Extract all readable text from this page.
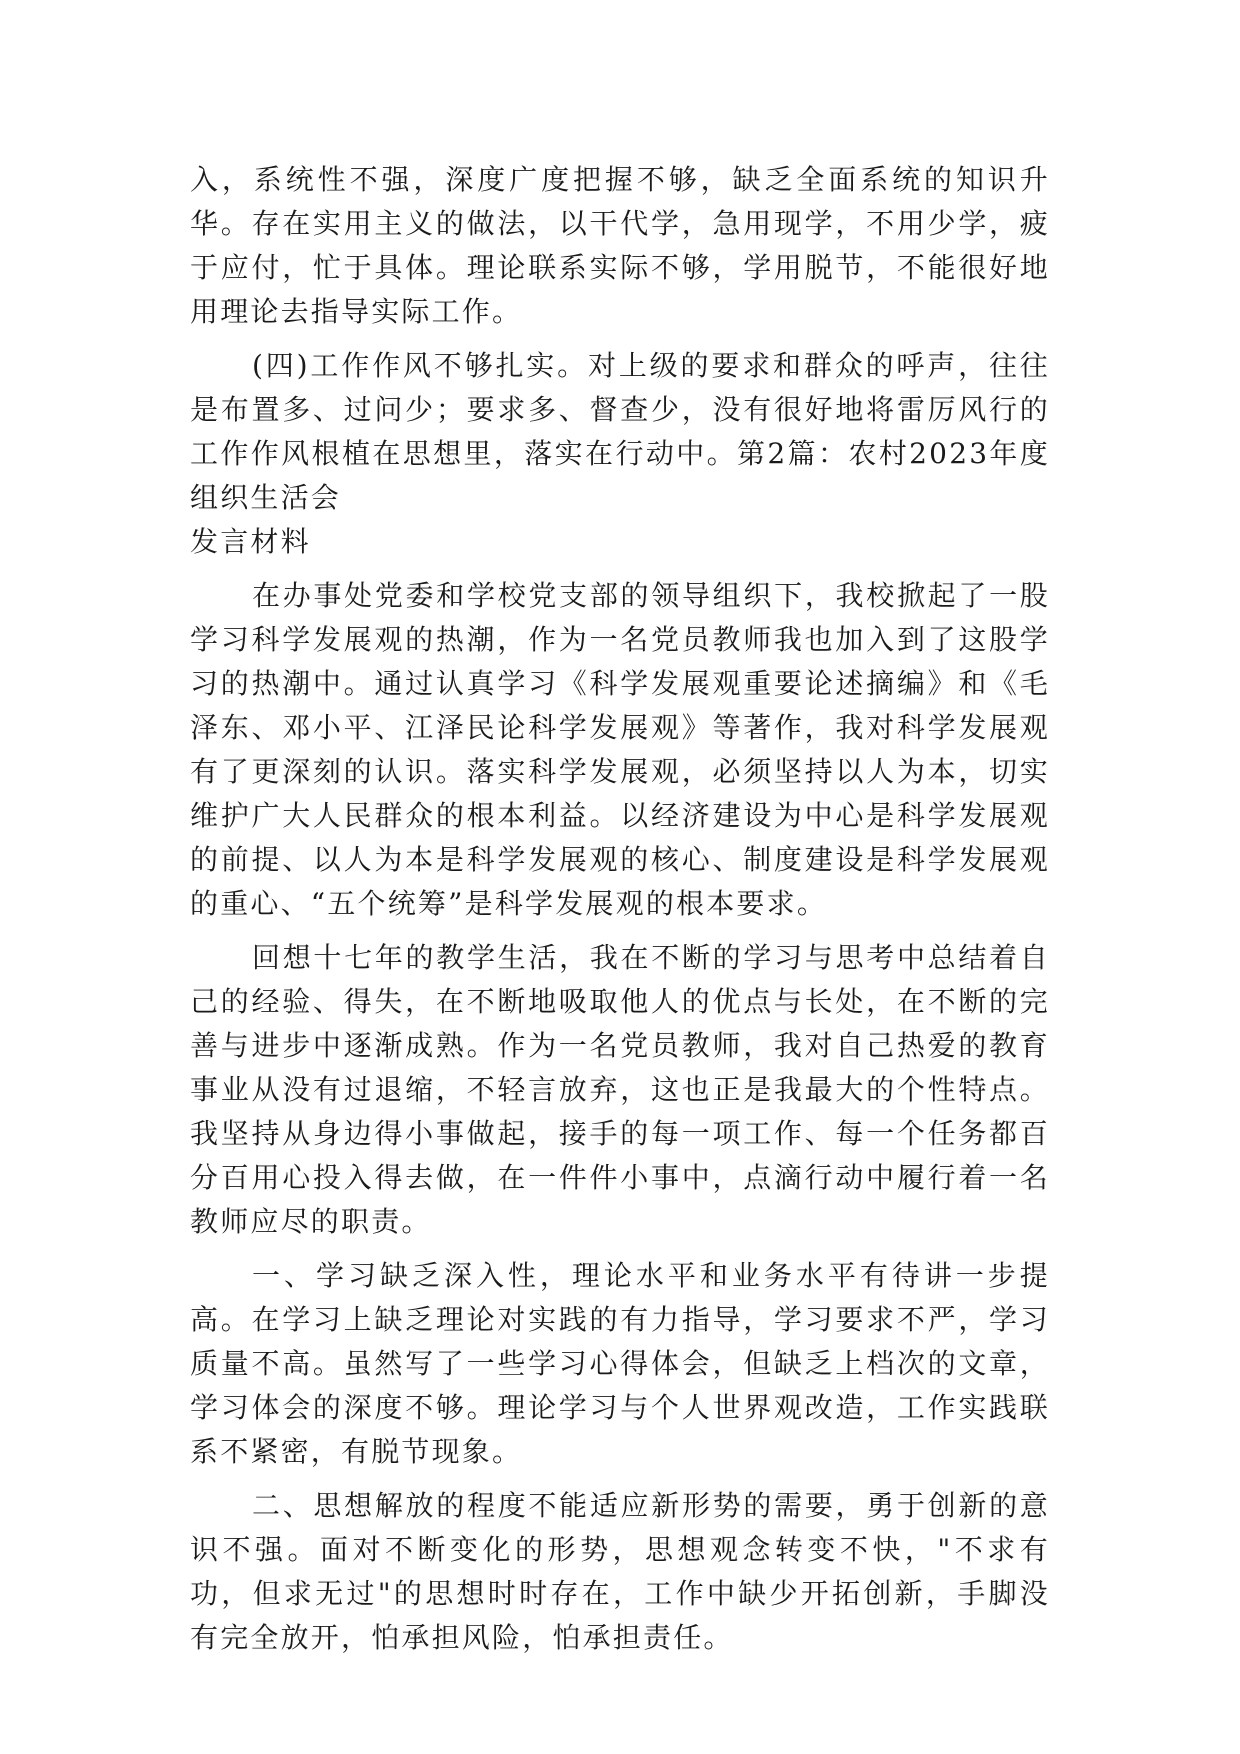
入，系统性不强，深度广度把握不够，缺乏全面系统的知识升华。存在实用主义的做法，以干代学，急用现学，不用少学，疲于应付，忙于具体。理论联系实际不够，学用脱节，不能很好地用理论去指导实际工作。

(四)工作作风不够扎实。对上级的要求和群众的呼声，往往是布置多、过问少；要求多、督查少，没有很好地将雷厉风行的工作作风根植在思想里，落实在行动中。第2篇：农村2023年度组织生活会

发言材料

在办事处党委和学校党支部的领导组织下，我校掀起了一股学习科学发展观的热潮，作为一名党员教师我也加入到了这股学习的热潮中。通过认真学习《科学发展观重要论述摘编》和《毛泽东、邓小平、江泽民论科学发展观》等著作，我对科学发展观有了更深刻的认识。落实科学发展观，必须坚持以人为本，切实维护广大人民群众的根本利益。以经济建设为中心是科学发展观的前提、以人为本是科学发展观的核心、制度建设是科学发展观的重心、“五个统筹”是科学发展观的根本要求。

回想十七年的教学生活，我在不断的学习与思考中总结着自己的经验、得失，在不断地吸取他人的优点与长处，在不断的完善与进步中逐渐成熟。作为一名党员教师，我对自己热爱的教育事业从没有过退缩，不轻言放弃，这也正是我最大的个性特点。我坚持从身边得小事做起，接手的每一项工作、每一个任务都百分百用心投入得去做，在一件件小事中，点滴行动中履行着一名教师应尽的职责。

一、学习缺乏深入性，理论水平和业务水平有待讲一步提高。在学习上缺乏理论对实践的有力指导，学习要求不严，学习质量不高。虽然写了一些学习心得体会，但缺乏上档次的文章，学习体会的深度不够。理论学习与个人世界观改造，工作实践联系不紧密，有脱节现象。

二、思想解放的程度不能适应新形势的需要，勇于创新的意识不强。面对不断变化的形势，思想观念转变不快，"不求有功，但求无过"的思想时时存在，工作中缺少开拓创新，手脚没有完全放开，怕承担风险，怕承担责任。
